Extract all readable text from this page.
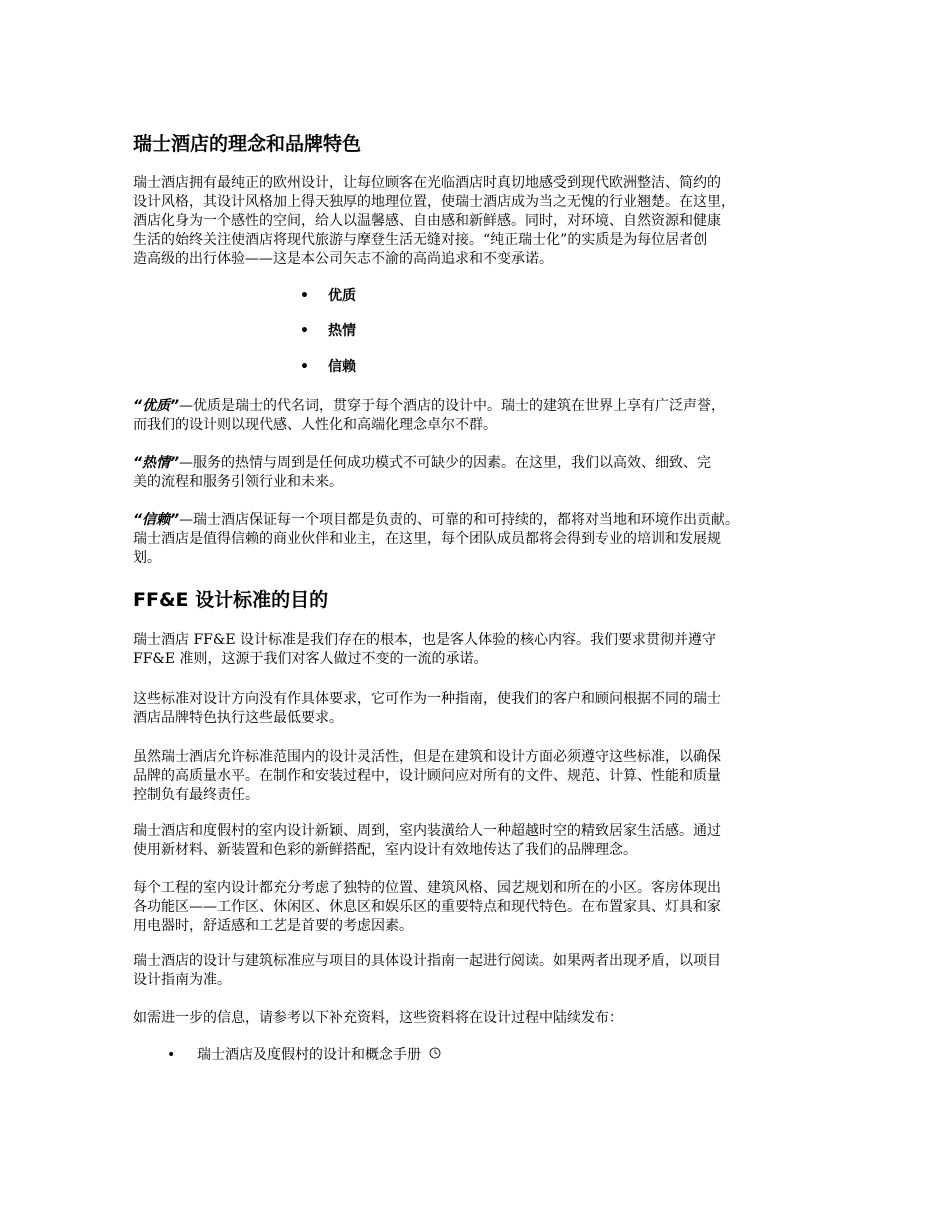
瑞士酒店的理念和品牌特色

瑞士酒店拥有最纯正的欧州设计，让每位顾客在光临酒店时真切地感受到现代欧洲整洁、简约的
设计风格，其设计风格加上得天独厚的地理位置，使瑞士酒店成为当之无愧的行业翘楚。在这里，
酒店化身为一个感性的空间，给人以温馨感、自由感和新鲜感。同时，对环境、自然资源和健康
生活的始终关注使酒店将现代旅游与摩登生活无缝对接。“纯正瑞士化”的实质是为每位居者创
造高级的出行体验——这是本公司矢志不渝的高尚追求和不变承诺。

• 优质
• 热情
• 信赖

“优质”—优质是瑞士的代名词，贯穿于每个酒店的设计中。瑞士的建筑在世界上享有广泛声誉，
而我们的设计则以现代感、人性化和高端化理念卓尔不群。

“热情”—服务的热情与周到是任何成功模式不可缺少的因素。在这里，我们以高效、细致、完
美的流程和服务引领行业和未来。

“信赖”—瑞士酒店保证每一个项目都是负责的、可靠的和可持续的，都将对当地和环境作出贡献。
瑞士酒店是值得信赖的商业伙伴和业主，在这里，每个团队成员都将会得到专业的培训和发展规
划。

FF&E 设计标准的目的

瑞士酒店 FF&E 设计标准是我们存在的根本，也是客人体验的核心内容。我们要求贯彻并遵守
FF&E 准则，这源于我们对客人做过不变的一流的承诺。

这些标准对设计方向没有作具体要求，它可作为一种指南，使我们的客户和顾问根据不同的瑞士
酒店品牌特色执行这些最低要求。

虽然瑞士酒店允许标准范围内的设计灵活性，但是在建筑和设计方面必须遵守这些标准，以确保
品牌的高质量水平。在制作和安装过程中，设计顾问应对所有的文件、规范、计算、性能和质量
控制负有最终责任。

瑞士酒店和度假村的室内设计新颖、周到，室内装潢给人一种超越时空的精致居家生活感。通过
使用新材料、新装置和色彩的新鲜搭配，室内设计有效地传达了我们的品牌理念。

每个工程的室内设计都充分考虑了独特的位置、建筑风格、园艺规划和所在的小区。客房体现出
各功能区——工作区、休闲区、休息区和娱乐区的重要特点和现代特色。在布置家具、灯具和家
用电器时，舒适感和工艺是首要的考虑因素。

瑞士酒店的设计与建筑标准应与项目的具体设计指南一起进行阅读。如果两者出现矛盾，以项目
设计指南为准。

如需进一步的信息，请参考以下补充资料，这些资料将在设计过程中陆续发布：

• 瑞士酒店及度假村的设计和概念手册
